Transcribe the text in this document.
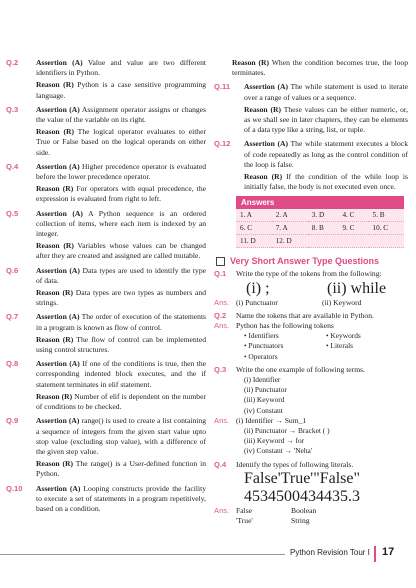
Q.2 Assertion (A) Value and value are two different identifiers in Python.
Reason (R) Python is a case sensitive programming language.
Q.3 Assertion (A) Assignment operator assigns or changes the value of the variable on its right.
Reason (R) The logical operator evaluates to either True or False based on the logical operands on either side.
Q.4 Assertion (A) Higher precedence operator is evaluated before the lower precedence operator.
Reason (R) For operators with equal precedence, the expression is evaluated from right to left.
Q.5 Assertion (A) A Python sequence is an ordered collection of items, where each item is indexed by an integer.
Reason (R) Variables whose values can be changed after they are created and assigned are called mutable.
Q.6 Assertion (A) Data types are used to identify the type of data.
Reason (R) Data types are two types as numbers and strings.
Q.7 Assertion (A) The order of execution of the statements in a program is known as flow of control.
Reason (R) The flow of control can be implemented using control structures.
Q.8 Assertion (A) If one of the conditions is true, then the corresponding indented block executes, and the if statement terminates in elif statement.
Reason (R) Number of elif is dependent on the number of conditions to be checked.
Q.9 Assertion (A) range() is used to create a list containing a sequence of integers from the given start value upto stop value (excluding stop value), with a difference of the given step value.
Reason (R) The range() is a User-defined function in Python.
Q.10 Assertion (A) Looping constructs provide the facility to execute a set of statements in a program repetitively, based on a condition.
Reason (R) When the condition becomes true, the loop terminates.
Q.11 Assertion (A) The while statement is used to iterate over a range of values or a sequence.
Reason (R) These values can be either numeric, or, as we shall see in later chapters, they can be elements of a data type like a string, list, or tuple.
Q.12 Assertion (A) The while statement executes a block of code repeatedly as long as the control condition of the loop is false.
Reason (R) If the condition of the while loop is initially false, the body is not executed even once.
Answers
1. A	2. A	3. D	4. C	5. B
6. C	7. A	8. B	9. C	10. C
11. D	12. D			
Very Short Answer Type Questions
Q.1 Write the type of the tokens from the following:
(i) ;	(ii) while
Ans. (i) Punctuator	(ii) Keyword
Q.2 Name the tokens that are available in Python.
Ans. Python has the following tokens
• Identifiers	• Keywords
• Punctuators	• Literals
• Operators
Q.3 Write the one example of following terms.
(i) Identifier
(ii) Punctuator
(iii) Keyword
(iv) Constant
Ans. (i) Identifier → Sum_1
(ii) Punctuator → Bracket ( )
(iii) Keyword → for
(iv) Constant → 'Neha'
Q.4 Identify the types of following literals.
False 'True' "False"
45345 00434 435.3
Ans. False	Boolean
'True'	String
Python Revision Tour I 17
